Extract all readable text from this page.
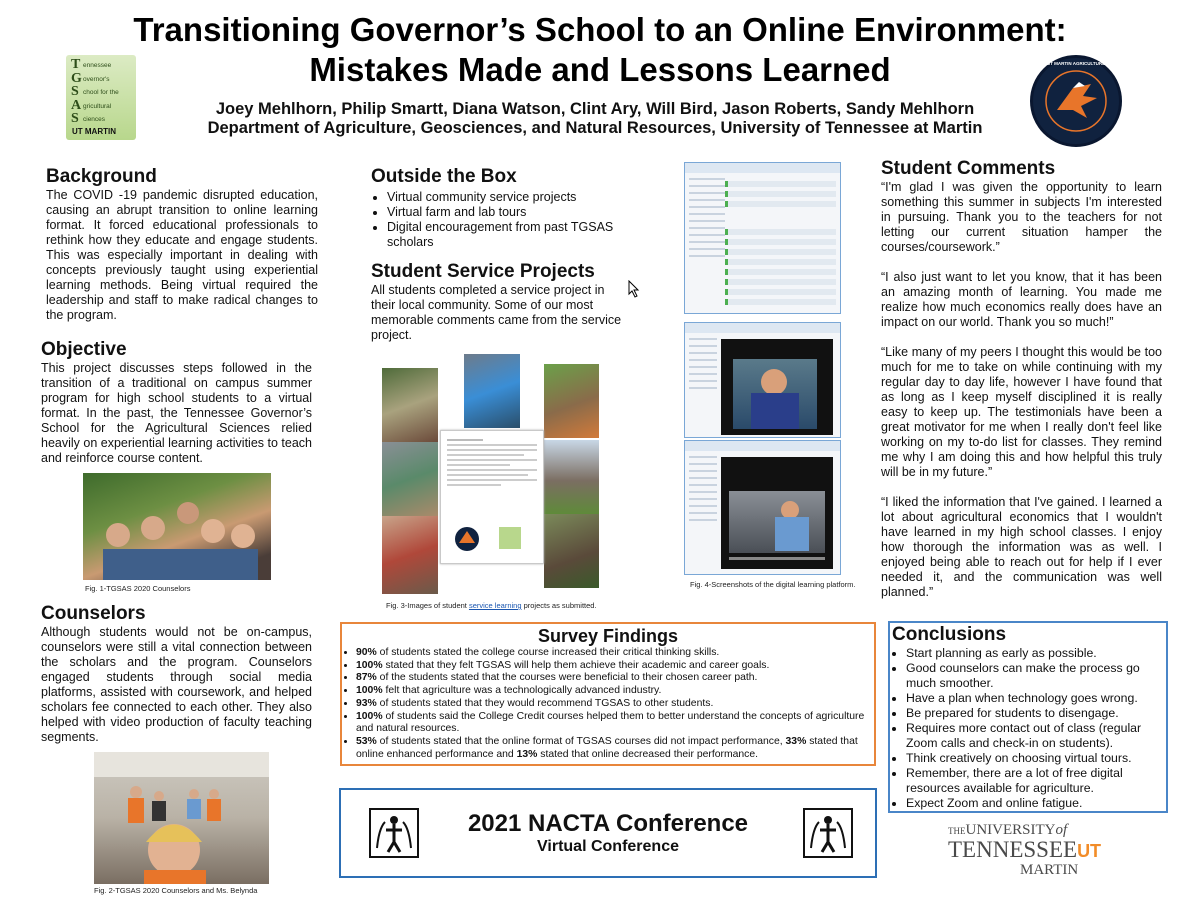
Transitioning Governor’s School to an Online Environment:
Mistakes Made and Lessons Learned
Joey Mehlhorn, Philip Smartt, Diana Watson, Clint Ary, Will Bird, Jason Roberts, Sandy Mehlhorn
Department of Agriculture, Geosciences, and Natural Resources, University of Tennessee at Martin
T
G
S
A
S
ennessee
overnor's
chool for the
gricultural
ciences
UT MARTIN
UT MARTIN AGRICULTURE
Background
The COVID -19 pandemic disrupted education, causing an abrupt transition to online learning format. It forced educational professionals to rethink how they educate and engage students. This was especially important in dealing with concepts previously taught using experiential learning methods. Being virtual required the leadership and staff to make radical changes to the program.
Objective
This project discusses steps followed in the transition of a traditional on campus summer program for high school students to a virtual format. In the past, the Tennessee Governor’s School for the Agricultural Sciences relied heavily on experiential learning activities to teach and reinforce course content.
Fig. 1-TGSAS 2020 Counselors
Counselors
Although students would not be on-campus, counselors were still a vital connection between the scholars and the program. Counselors engaged students through social media platforms, assisted with coursework, and helped scholars fee connected to each other. They also helped with video production of faculty teaching segments.
Fig. 2-TGSAS 2020 Counselors and Ms. Belynda
Outside the Box
• Virtual community service projects
• Virtual farm and lab tours
• Digital encouragement from past TGSAS scholars
Student Service Projects
All students completed a service project in their local community. Some of our most memorable comments came from the service project.
Fig. 3-Images of student service learning projects as submitted.
Fig. 4-Screenshots of the digital learning platform.
Student Comments
“I'm glad I was given the opportunity to learn something this summer in subjects I'm interested in pursuing. Thank you to the teachers for not letting our current situation hamper the courses/coursework.”
“I also just want to let you know, that it has been an amazing month of learning. You made me realize how much economics really does have an impact on our world. Thank you so much!”
“Like many of my peers I thought this would be too much for me to take on while continuing with my regular day to day life, however I have found that as long as I keep myself disciplined it is really easy to keep up. The testimonials have been a great motivator for me when I really don't feel like working on my to-do list for classes. They remind me why I am doing this and how helpful this truly will be in my future.”
“I liked the information that I've gained. I learned a lot about agricultural economics that I wouldn't have learned in my high school classes. I enjoy how thorough the information was as well. I enjoyed being able to reach out for help if I ever needed it, and the communication was well planned.”
Survey Findings
• 90% of students stated the college course increased their critical thinking skills.
• 100% stated that they felt TGSAS will help them achieve their academic and career goals.
• 87% of the students stated that the courses were beneficial to their chosen career path.
• 100% felt that agriculture was a technologically advanced industry.
• 93% of students stated that they would recommend TGSAS to other students.
• 100% of students said the College Credit courses helped them to better understand the concepts of agriculture and natural resources.
• 53% of students stated that the online format of TGSAS courses did not impact performance, 33% stated that online enhanced performance and 13% stated that online decreased their performance.
Conclusions
• Start planning as early as possible.
• Good counselors can make the process go much smoother.
• Have a plan when technology goes wrong.
• Be prepared for students to disengage.
• Requires more contact out of class (regular Zoom calls and check-in on students).
• Think creatively on choosing virtual tours.
• Remember, there are a lot of free digital resources available for agriculture.
• Expect Zoom and online fatigue.
2021 NACTA Conference
Virtual Conference
THEUNIVERSITYof
TENNESSEEUT
MARTIN
